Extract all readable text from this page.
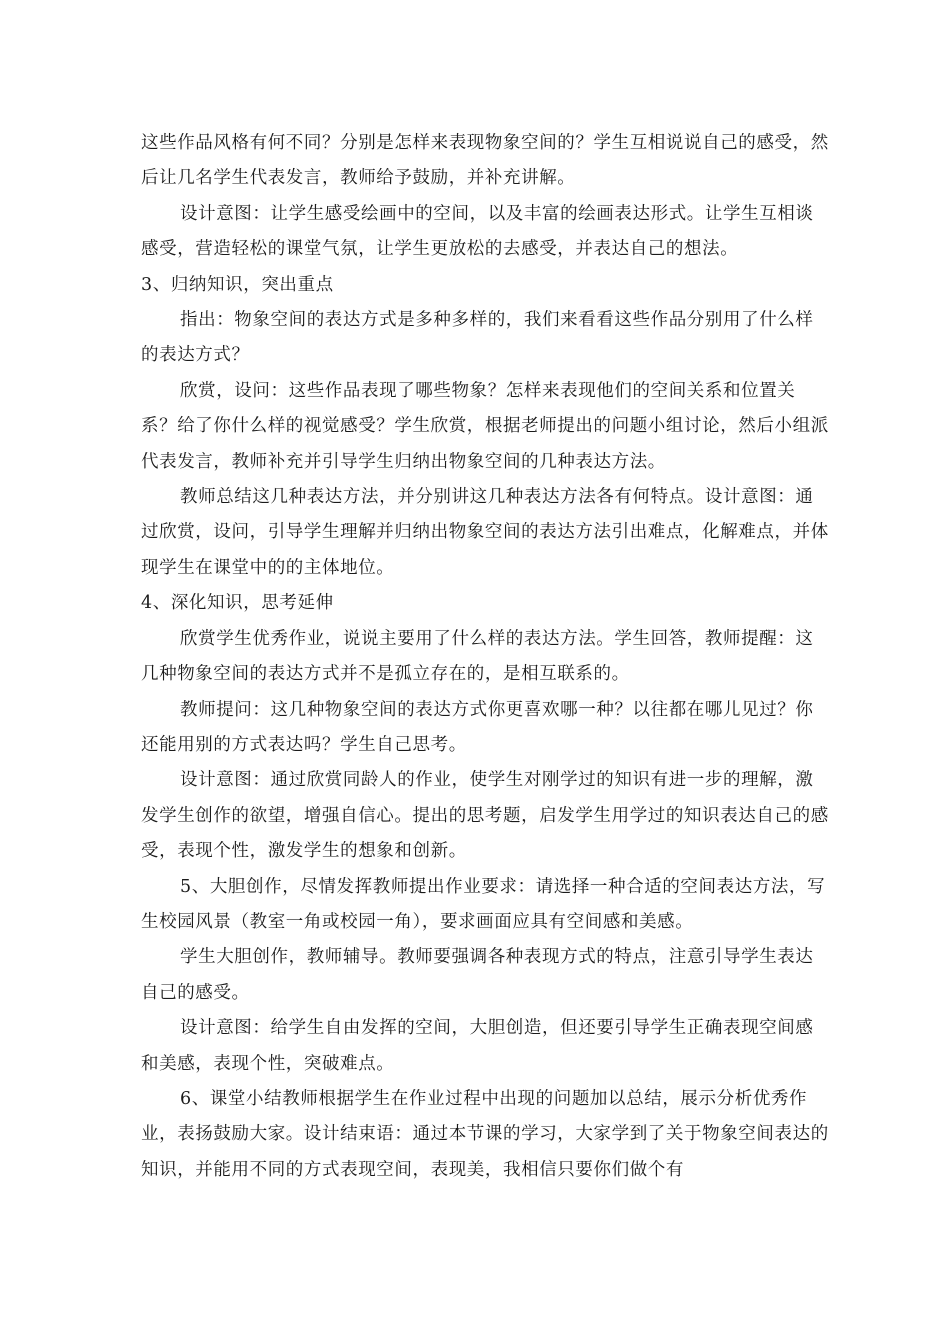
这些作品风格有何不同？分别是怎样来表现物象空间的？学生互相说说自己的感受，然后让几名学生代表发言，教师给予鼓励，并补充讲解。

设计意图：让学生感受绘画中的空间，以及丰富的绘画表达形式。让学生互相谈感受，营造轻松的课堂气氛，让学生更放松的去感受，并表达自己的想法。

3、归纳知识，突出重点

指出：物象空间的表达方式是多种多样的，我们来看看这些作品分别用了什么样的表达方式？

欣赏，设问：这些作品表现了哪些物象？怎样来表现他们的空间关系和位置关系？给了你什么样的视觉感受？学生欣赏，根据老师提出的问题小组讨论，然后小组派代表发言，教师补充并引导学生归纳出物象空间的几种表达方法。

教师总结这几种表达方法，并分别讲这几种表达方法各有何特点。设计意图：通过欣赏，设问，引导学生理解并归纳出物象空间的表达方法引出难点，化解难点，并体现学生在课堂中的的主体地位。

4、深化知识，思考延伸

欣赏学生优秀作业，说说主要用了什么样的表达方法。学生回答，教师提醒：这几种物象空间的表达方式并不是孤立存在的，是相互联系的。

教师提问：这几种物象空间的表达方式你更喜欢哪一种？以往都在哪儿见过？你还能用别的方式表达吗？学生自己思考。

设计意图：通过欣赏同龄人的作业，使学生对刚学过的知识有进一步的理解，激发学生创作的欲望，增强自信心。提出的思考题，启发学生用学过的知识表达自己的感受，表现个性，激发学生的想象和创新。

5、大胆创作，尽情发挥教师提出作业要求：请选择一种合适的空间表达方法，写生校园风景（教室一角或校园一角），要求画面应具有空间感和美感。

学生大胆创作，教师辅导。教师要强调各种表现方式的特点，注意引导学生表达自己的感受。

设计意图：给学生自由发挥的空间，大胆创造，但还要引导学生正确表现空间感和美感，表现个性，突破难点。

6、课堂小结教师根据学生在作业过程中出现的问题加以总结，展示分析优秀作业，表扬鼓励大家。设计结束语：通过本节课的学习，大家学到了关于物象空间表达的知识，并能用不同的方式表现空间，表现美，我相信只要你们做个有
